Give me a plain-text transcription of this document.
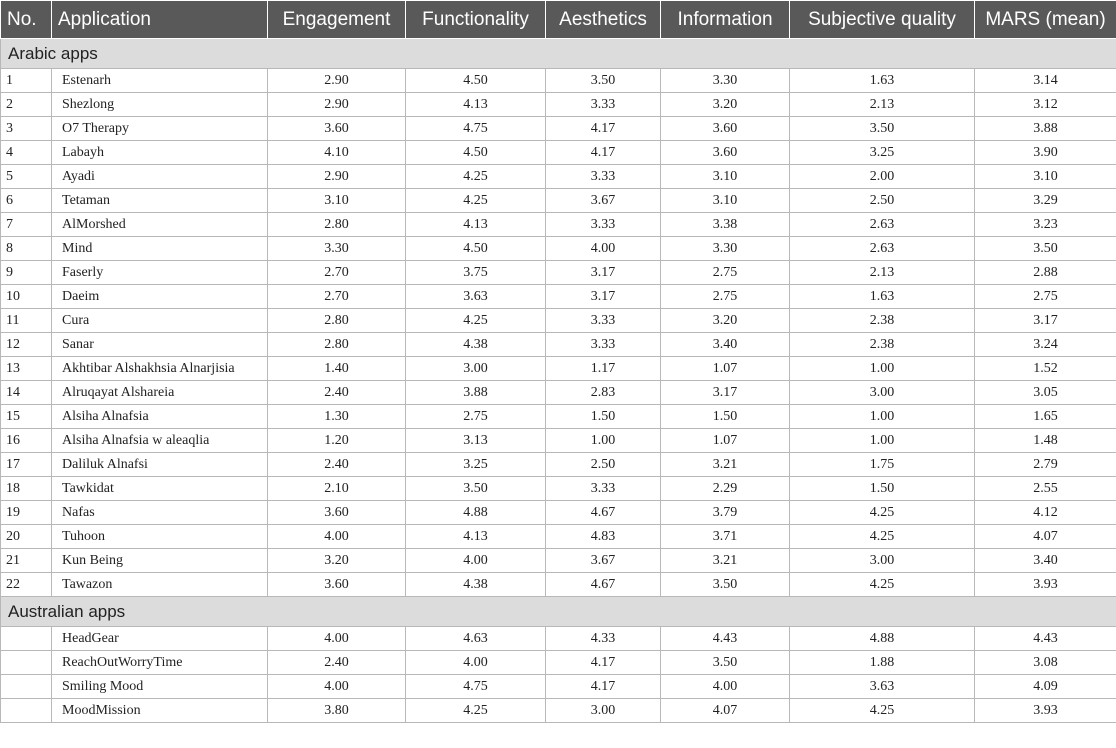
No.	Application	Engagement	Functionality	Aesthetics	Information	Subjective quality	MARS (mean)
Arabic apps							
1	Estenarh	2.90	4.50	3.50	3.30	1.63	3.14
2	Shezlong	2.90	4.13	3.33	3.20	2.13	3.12
3	O7 Therapy	3.60	4.75	4.17	3.60	3.50	3.88
4	Labayh	4.10	4.50	4.17	3.60	3.25	3.90
5	Ayadi	2.90	4.25	3.33	3.10	2.00	3.10
6	Tetaman	3.10	4.25	3.67	3.10	2.50	3.29
7	AlMorshed	2.80	4.13	3.33	3.38	2.63	3.23
8	Mind	3.30	4.50	4.00	3.30	2.63	3.50
9	Faserly	2.70	3.75	3.17	2.75	2.13	2.88
10	Daeim	2.70	3.63	3.17	2.75	1.63	2.75
11	Cura	2.80	4.25	3.33	3.20	2.38	3.17
12	Sanar	2.80	4.38	3.33	3.40	2.38	3.24
13	Akhtibar Alshakhsia Alnarjisia	1.40	3.00	1.17	1.07	1.00	1.52
14	Alruqayat Alshareia	2.40	3.88	2.83	3.17	3.00	3.05
15	Alsiha Alnafsia	1.30	2.75	1.50	1.50	1.00	1.65
16	Alsiha Alnafsia w aleaqlia	1.20	3.13	1.00	1.07	1.00	1.48
17	Daliluk Alnafsi	2.40	3.25	2.50	3.21	1.75	2.79
18	Tawkidat	2.10	3.50	3.33	2.29	1.50	2.55
19	Nafas	3.60	4.88	4.67	3.79	4.25	4.12
20	Tuhoon	4.00	4.13	4.83	3.71	4.25	4.07
21	Kun Being	3.20	4.00	3.67	3.21	3.00	3.40
22	Tawazon	3.60	4.38	4.67	3.50	4.25	3.93
Australian apps							
	HeadGear	4.00	4.63	4.33	4.43	4.88	4.43
	ReachOutWorryTime	2.40	4.00	4.17	3.50	1.88	3.08
	Smiling Mood	4.00	4.75	4.17	4.00	3.63	4.09
	MoodMission	3.80	4.25	3.00	4.07	4.25	3.93
